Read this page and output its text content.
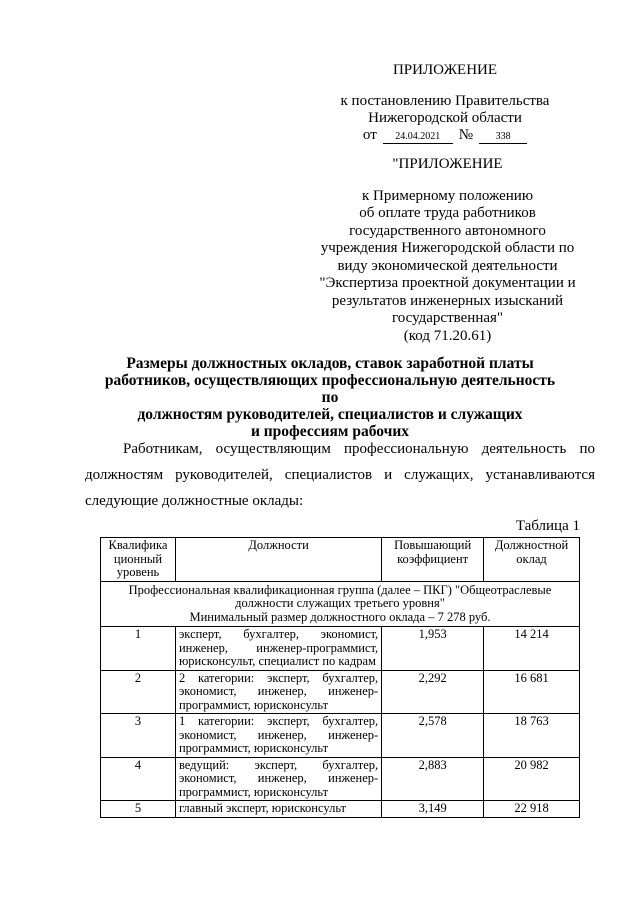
ПРИЛОЖЕНИЕ
к постановлению Правительства
Нижегородской области
от	24.04.2021	№	338
"ПРИЛОЖЕНИЕ
к Примерному положению
об оплате труда работников
государственного автономного
учреждения Нижегородской области по
виду экономической деятельности
"Экспертиза проектной документации и
результатов инженерных изысканий
государственная"
(код 71.20.61)
Размеры должностных окладов, ставок заработной платы
работников, осуществляющих профессиональную деятельность по
должностям руководителей, специалистов и служащих
и профессиям рабочих
Работникам, осуществляющим профессиональную деятельность по должностям руководителей, специалистов и служащих, устанавливаются следующие должностные оклады:
Таблица 1
Квалифика ционный уровень	Должности	Повышающий коэффициент	Должностной оклад

Профессиональная квалификационная группа (далее – ПКГ) "Общеотраслевые должности служащих третьего уровня"
Минимальный размер должностного оклада – 7 278 руб.			

1	эксперт, бухгалтер, экономист, инженер, инженер-программист, юрисконсульт, специалист по кадрам	1,953	14 214
2	2 категории: эксперт, бухгалтер, экономист, инженер, инженер-программист, юрисконсульт	2,292	16 681
3	1 категории: эксперт, бухгалтер, экономист, инженер, инженер-программист, юрисконсульт	2,578	18 763
4	ведущий: эксперт, бухгалтер, экономист, инженер, инженер-программист, юрисконсульт	2,883	20 982
5	главный эксперт, юрисконсульт	3,149	22 918
